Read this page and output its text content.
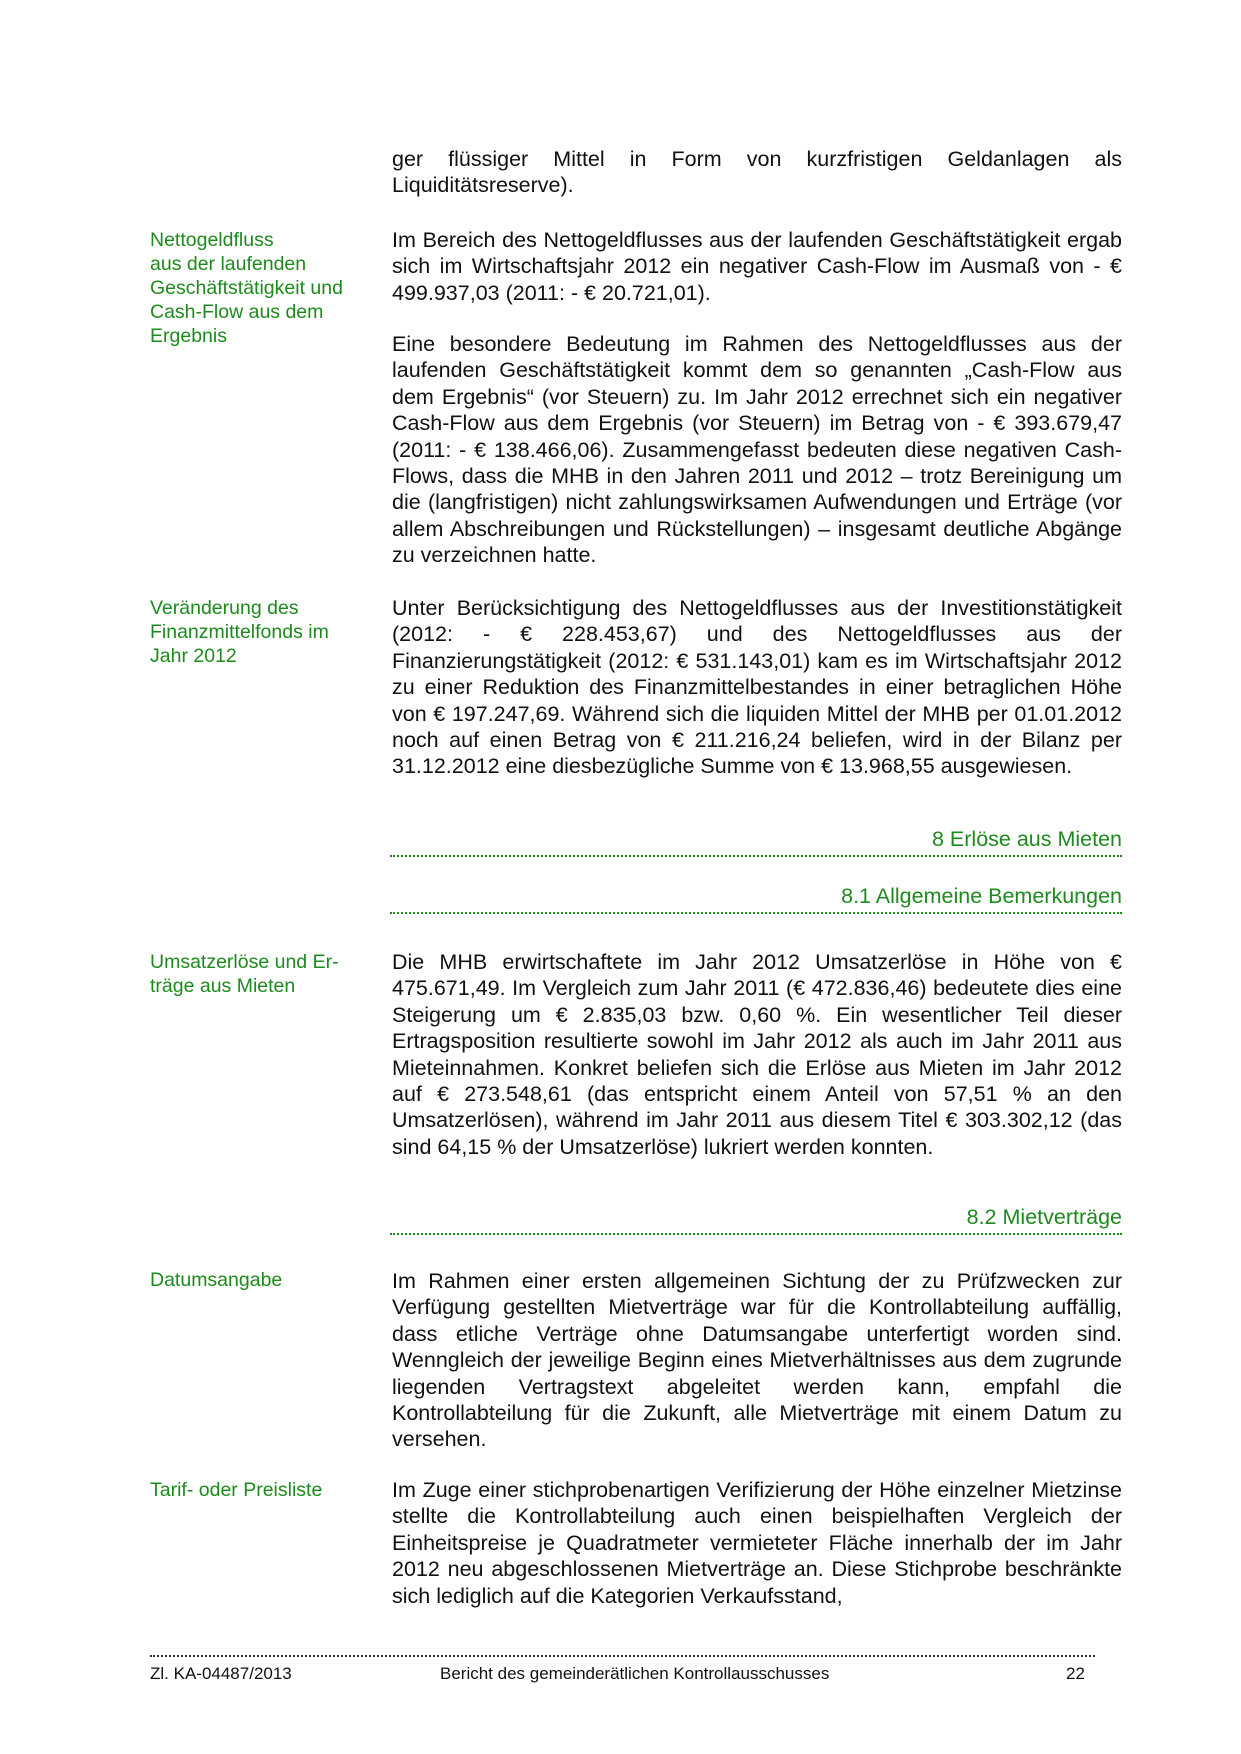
ger flüssiger Mittel in Form von kurzfristigen Geldanlagen als Liquiditätsreserve).
Nettogeldfluss
aus der laufenden
Geschäftstätigkeit und
Cash-Flow aus dem
Ergebnis
Im Bereich des Nettogeldflusses aus der laufenden Geschäftstätigkeit ergab sich im Wirtschaftsjahr 2012 ein negativer Cash-Flow im Ausmaß von - € 499.937,03 (2011: - € 20.721,01).
Eine besondere Bedeutung im Rahmen des Nettogeldflusses aus der laufenden Geschäftstätigkeit kommt dem so genannten „Cash-Flow aus dem Ergebnis“ (vor Steuern) zu. Im Jahr 2012 errechnet sich ein negativer Cash-Flow aus dem Ergebnis (vor Steuern) im Betrag von - € 393.679,47 (2011: - € 138.466,06). Zusammengefasst bedeuten diese negativen Cash-Flows, dass die MHB in den Jahren 2011 und 2012 – trotz Bereinigung um die (langfristigen) nicht zahlungswirksamen Aufwendungen und Erträge (vor allem Abschreibungen und Rückstellungen) – insgesamt deutliche Abgänge zu verzeichnen hatte.
Veränderung des
Finanzmittelfonds im
Jahr 2012
Unter Berücksichtigung des Nettogeldflusses aus der Investitionstätigkeit (2012: - € 228.453,67) und des Nettogeldflusses aus der Finanzierungstätigkeit (2012: € 531.143,01) kam es im Wirtschaftsjahr 2012 zu einer Reduktion des Finanzmittelbestandes in einer betraglichen Höhe von € 197.247,69. Während sich die liquiden Mittel der MHB per 01.01.2012 noch auf einen Betrag von € 211.216,24 beliefen, wird in der Bilanz per 31.12.2012 eine diesbezügliche Summe von € 13.968,55 ausgewiesen.
8 Erlöse aus Mieten
8.1 Allgemeine Bemerkungen
Umsatzerlöse und Er-
träge aus Mieten
Die MHB erwirtschaftete im Jahr 2012 Umsatzerlöse in Höhe von € 475.671,49. Im Vergleich zum Jahr 2011 (€ 472.836,46) bedeutete dies eine Steigerung um € 2.835,03 bzw. 0,60 %. Ein wesentlicher Teil dieser Ertragsposition resultierte sowohl im Jahr 2012 als auch im Jahr 2011 aus Mieteinnahmen. Konkret beliefen sich die Erlöse aus Mieten im Jahr 2012 auf € 273.548,61 (das entspricht einem Anteil von 57,51 % an den Umsatzerlösen), während im Jahr 2011 aus diesem Titel € 303.302,12 (das sind 64,15 % der Umsatzerlöse) lukriert werden konnten.
8.2 Mietverträge
Datumsangabe	Im Rahmen einer ersten allgemeinen Sichtung der zu Prüfzwecken zur Verfügung gestellten Mietverträge war für die Kontrollabteilung auffällig, dass etliche Verträge ohne Datumsangabe unterfertigt worden sind. Wenngleich der jeweilige Beginn eines Mietverhältnisses aus dem zugrunde liegenden Vertragstext abgeleitet werden kann, empfahl die Kontrollabteilung für die Zukunft, alle Mietverträge mit einem Datum zu versehen.
Tarif- oder Preisliste	Im Zuge einer stichprobenartigen Verifizierung der Höhe einzelner Mietzinse stellte die Kontrollabteilung auch einen beispielhaften Vergleich der Einheitspreise je Quadratmeter vermieteter Fläche innerhalb der im Jahr 2012 neu abgeschlossenen Mietverträge an. Diese Stichprobe beschränkte sich lediglich auf die Kategorien Verkaufsstand,
Zl. KA-04487/2013	Bericht des gemeinderätlichen Kontrollausschusses	22
